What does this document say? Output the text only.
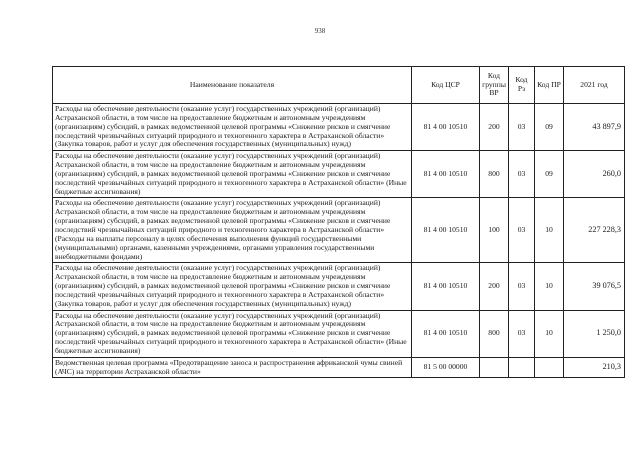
938
Наименование показателя	Код ЦСР	Код группы ВР	Код Рз	Код ПР	2021 год
Расходы на обеспечение деятельности (оказание услуг) государственных учреждений (организаций) Астраханской области, в том числе на предоставление бюджетным и автономным учреждениям (организациям) субсидий, в рамках ведомственной целевой программы «Снижение рисков и смягчение последствий чрезвычайных ситуаций природного и техногенного характера в Астраханской области» (Закупка товаров, работ и услуг для обеспечения государственных (муниципальных) нужд)	81 4 00 10510	200	03	09	43 897,9
Расходы на обеспечение деятельности (оказание услуг) государственных учреждений (организаций) Астраханской области, в том числе на предоставление бюджетным и автономным учреждениям (организациям) субсидий, в рамках ведомственной целевой программы «Снижение рисков и смягчение последствий чрезвычайных ситуаций природного и техногенного характера в Астраханской области» (Иные бюджетные ассигнования)	81 4 00 10510	800	03	09	260,0
Расходы на обеспечение деятельности (оказание услуг) государственных учреждений (организаций) Астраханской области, в том числе на предоставление бюджетным и автономным учреждениям (организациям) субсидий, в рамках ведомственной целевой программы «Снижение рисков и смягчение последствий чрезвычайных ситуаций природного и техногенного характера в Астраханской области» (Расходы на выплаты персоналу в целях обеспечения выполнения функций государственными (муниципальными) органами, казенными учреждениями, органами управления государственными внебюджетными фондами)	81 4 00 10510	100	03	10	227 228,3
Расходы на обеспечение деятельности (оказание услуг) государственных учреждений (организаций) Астраханской области, в том числе на предоставление бюджетным и автономным учреждениям (организациям) субсидий, в рамках ведомственной целевой программы «Снижение рисков и смягчение последствий чрезвычайных ситуаций природного и техногенного характера в Астраханской области» (Закупка товаров, работ и услуг для обеспечения государственных (муниципальных) нужд)	81 4 00 10510	200	03	10	39 076,5
Расходы на обеспечение деятельности (оказание услуг) государственных учреждений (организаций) Астраханской области, в том числе на предоставление бюджетным и автономным учреждениям (организациям) субсидий, в рамках ведомственной целевой программы «Снижение рисков и смягчение последствий чрезвычайных ситуаций природного и техногенного характера в Астраханской области» (Иные бюджетные ассигнования)	81 4 00 10510	800	03	10	1 250,0
Ведомственная целевая программа «Предотвращение заноса и распространения африканской чумы свиней (АЧС) на территории Астраханской области»	81 5 00 00000				210,3
